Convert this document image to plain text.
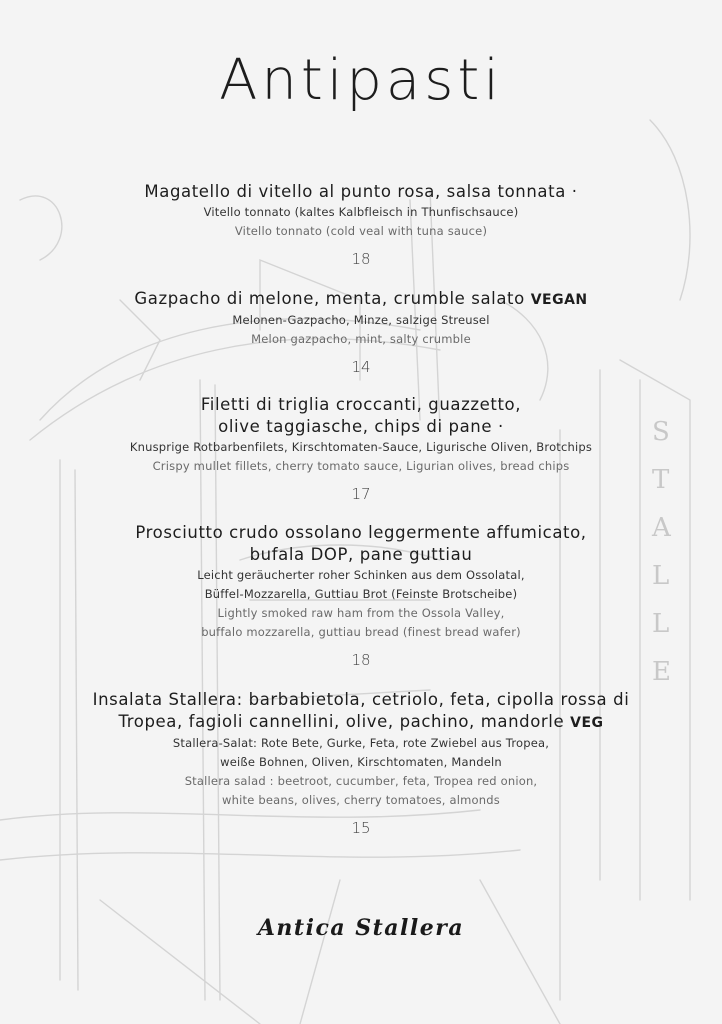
S
T
A
L
L
E
Antipasti
Magatello di vitello al punto rosa, salsa tonnata ·
Vitello tonnato (kaltes Kalbfleisch in Thunfischsauce)
Vitello tonnato (cold veal with tuna sauce)
18
Gazpacho di melone, menta, crumble salato VEGAN
Melonen-Gazpacho, Minze, salzige Streusel
Melon gazpacho, mint, salty crumble
14
Filetti di triglia croccanti, guazzetto,
olive taggiasche, chips di pane ·
Knusprige Rotbarbenfilets, Kirschtomaten-Sauce, Ligurische Oliven, Brotchips
Crispy mullet fillets, cherry tomato sauce, Ligurian olives, bread chips
17
Prosciutto crudo ossolano leggermente affumicato,
bufala DOP, pane guttiau
Leicht geräucherter roher Schinken aus dem Ossolatal,
Büffel-Mozzarella, Guttiau Brot (Feinste Brotscheibe)
Lightly smoked raw ham from the Ossola Valley,
buffalo mozzarella, guttiau bread (finest bread wafer)
18
Insalata Stallera: barbabietola, cetriolo, feta, cipolla rossa di
Tropea, fagioli cannellini, olive, pachino, mandorle VEG
Stallera-Salat: Rote Bete, Gurke, Feta, rote Zwiebel aus Tropea,
weiße Bohnen, Oliven, Kirschtomaten, Mandeln
Stallera salad : beetroot, cucumber, feta, Tropea red onion,
white beans, olives, cherry tomatoes, almonds
15
Antica Stallera
